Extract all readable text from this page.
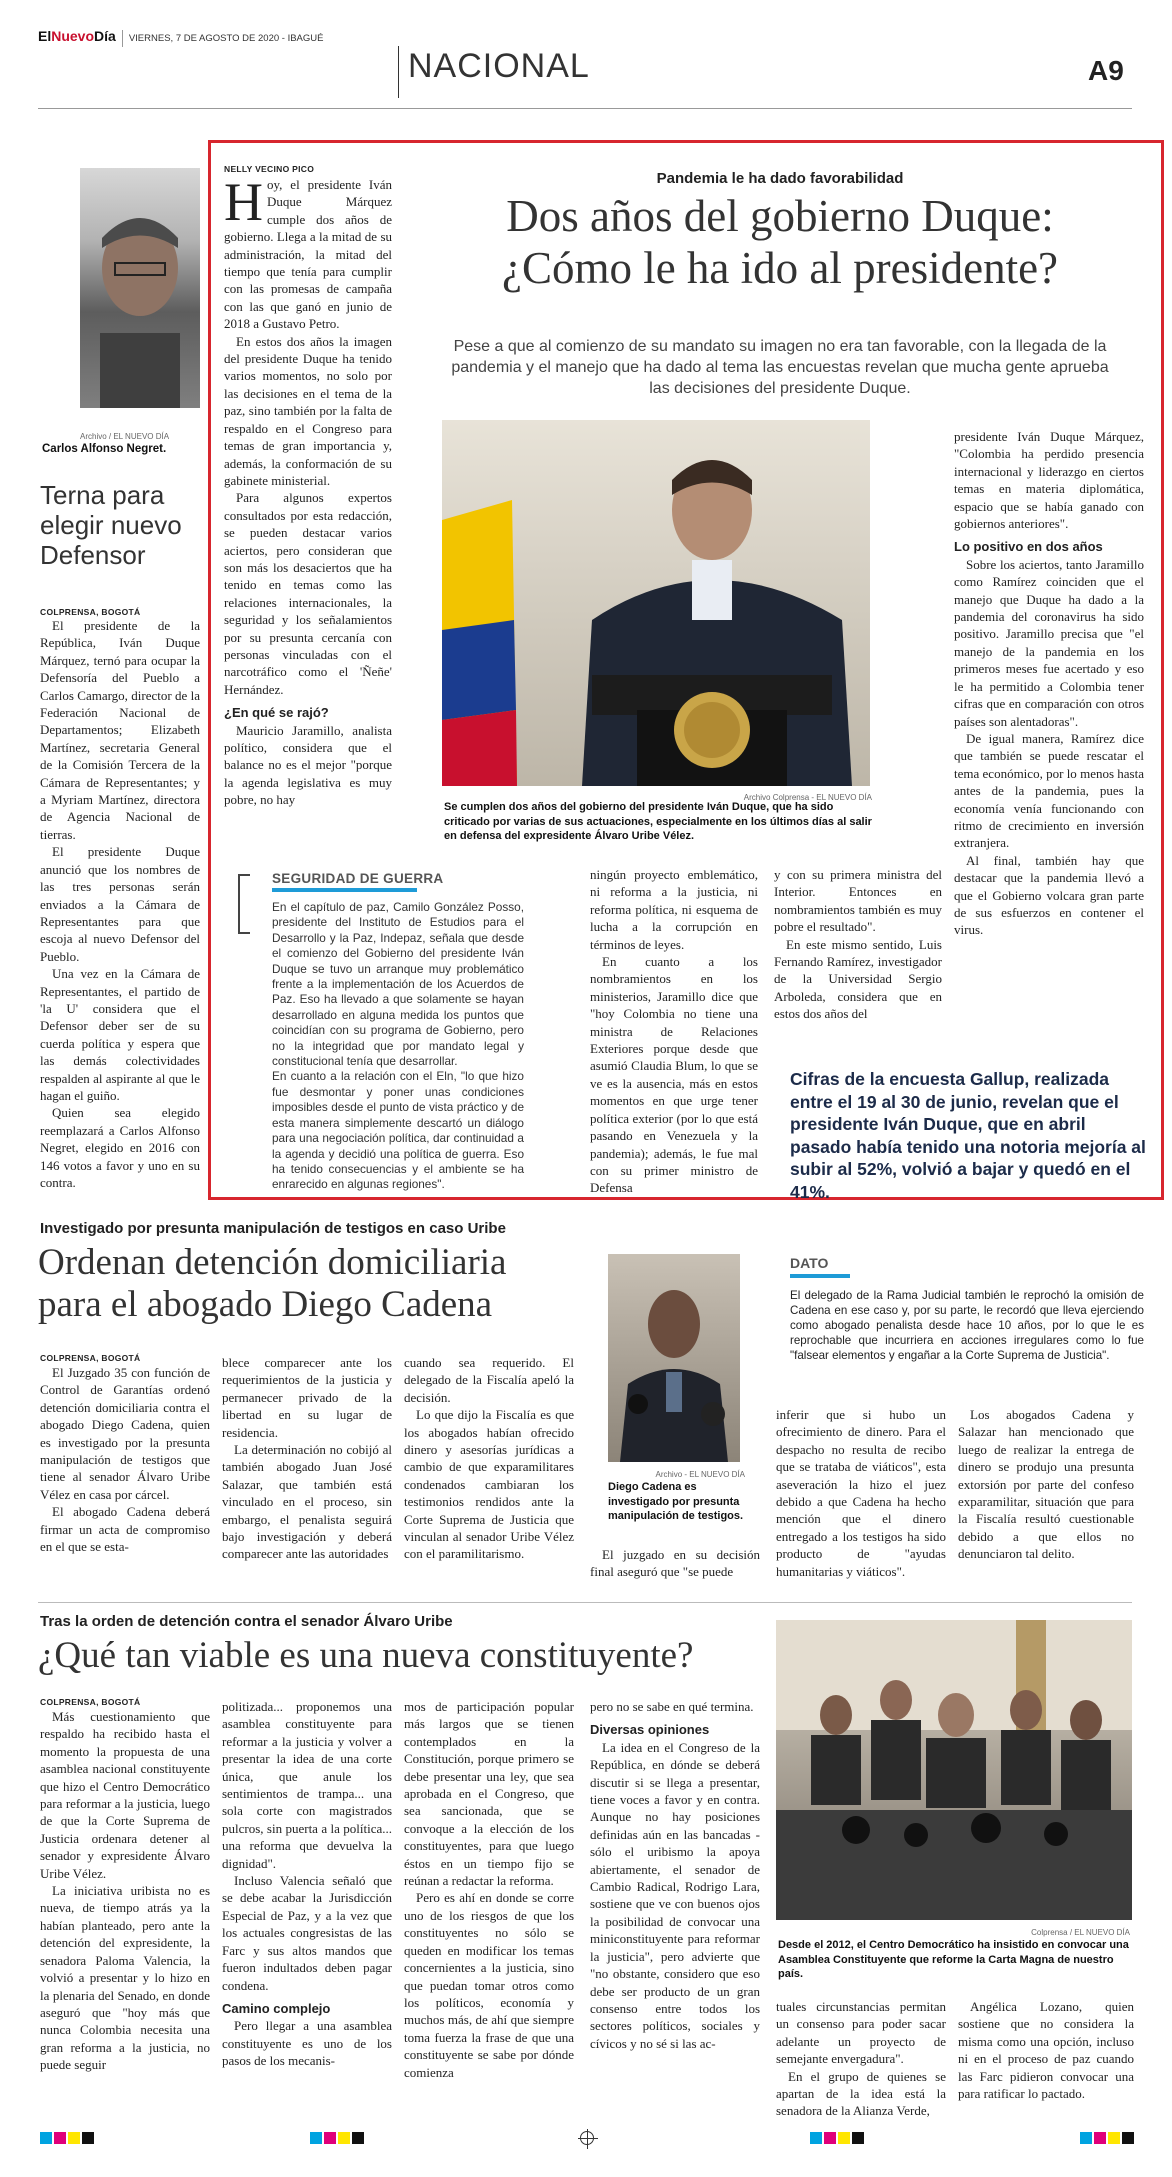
ElNuevoDía	VIERNES, 7 DE AGOSTO DE 2020 - IBAGUÉ
NACIONAL	A9
Archivo / EL NUEVO DÍA
Carlos Alfonso Negret.
Terna para elegir nuevo Defensor
COLPRENSA, BOGOTÁ

El presidente de la República, Iván Duque Márquez, ternó para ocupar la Defensoría del Pueblo a Carlos Camargo, director de la Federación Nacional de Departamentos; Elizabeth Martínez, secretaria General de la Comisión Tercera de la Cámara de Representantes; y a Myriam Martínez, directora de Agencia Nacional de tierras.

El presidente Duque anunció que los nombres de las tres personas serán enviados a la Cámara de Representantes para que escoja al nuevo Defensor del Pueblo.

Una vez en la Cámara de Representantes, el partido de 'la U' considera que el Defensor deber ser de su cuerda política y espera que las demás colectividades respalden al aspirante al que le hagan el guiño.

Quien sea elegido reemplazará a Carlos Alfonso Negret, elegido en 2016 con 146 votos a favor y uno en su contra.

NELLY VECINO PICO

Hoy, el presidente Iván Duque Márquez cumple dos años de gobierno. Llega a la mitad de su administración, la mitad del tiempo que tenía para cumplir con las promesas de campaña con las que ganó en junio de 2018 a Gustavo Petro.

En estos dos años la imagen del presidente Duque ha tenido varios momentos, no solo por las decisiones en el tema de la paz, sino también por la falta de respaldo en el Congreso para temas de gran importancia y, además, la conformación de su gabinete ministerial.

Para algunos expertos consultados por esta redacción, se pueden destacar varios aciertos, pero consideran que son más los desaciertos que ha tenido en temas como las relaciones internacionales, la seguridad y los señalamientos por su presunta cercanía con personas vinculadas con el narcotráfico como el 'Ñeñe' Hernández.

¿En qué se rajó?

Mauricio Jaramillo, analista político, considera que el balance no es el mejor "porque la agenda legislativa es muy pobre, no hay

Pandemia le ha dado favorabilidad
Dos años del gobierno Duque:
¿Cómo le ha ido al presidente?
Pese a que al comienzo de su mandato su imagen no era tan favorable, con la llegada de la pandemia y el manejo que ha dado al tema las encuestas revelan que mucha gente aprueba las decisiones del presidente Duque.
Archivo Colprensa - EL NUEVO DÍA
Se cumplen dos años del gobierno del presidente Iván Duque, que ha sido criticado por varias de sus actuaciones, especialmente en los últimos días al salir en defensa del expresidente Álvaro Uribe Vélez.
SEGURIDAD DE GUERRA

En el capítulo de paz, Camilo González Posso, presidente del Instituto de Estudios para el Desarrollo y la Paz, Indepaz, señala que desde el comienzo del Gobierno del presidente Iván Duque se tuvo un arranque muy problemático frente a la implementación de los Acuerdos de Paz. Eso ha llevado a que solamente se hayan desarrollado en alguna medida los puntos que coincidían con su programa de Gobierno, pero no la integridad que por mandato legal y constitucional tenía que desarrollar.

En cuanto a la relación con el Eln, "lo que hizo fue desmontar y poner unas condiciones imposibles desde el punto de vista práctico y de esta manera simplemente descartó un diálogo para una negociación política, dar continuidad a la agenda y decidió una política de guerra. Eso ha tenido consecuencias y el ambiente se ha enrarecido en algunas regiones".

ningún proyecto emblemático, ni reforma a la justicia, ni reforma política, ni esquema de lucha a la corrupción en términos de leyes.

En cuanto a los nombramientos en los ministerios, Jaramillo dice que "hoy Colombia no tiene una ministra de Relaciones Exteriores porque desde que asumió Claudia Blum, lo que se ve es la ausencia, más en estos momentos en que urge tener política exterior (por lo que está pasando en Venezuela y la pandemia); además, le fue mal con su primer ministro de Defensa

y con su primera ministra del Interior. Entonces en nombramientos también es muy pobre el resultado".

En este mismo sentido, Luis Fernando Ramírez, investigador de la Universidad Sergio Arboleda, considera que en estos dos años del

presidente Iván Duque Márquez, "Colombia ha perdido presencia internacional y liderazgo en ciertos temas en materia diplomática, espacio que se había ganado con gobiernos anteriores".

Lo positivo en dos años

Sobre los aciertos, tanto Jaramillo como Ramírez coinciden que el manejo que Duque ha dado a la pandemia del coronavirus ha sido positivo. Jaramillo precisa que "el manejo de la pandemia en los primeros meses fue acertado y eso le ha permitido a Colombia tener cifras que en comparación con otros países son alentadoras".

De igual manera, Ramírez dice que también se puede rescatar el tema económico, por lo menos hasta antes de la pandemia, pues la economía venía funcionando con ritmo de crecimiento en inversión extranjera.

Al final, también hay que destacar que la pandemia llevó a que el Gobierno volcara gran parte de sus esfuerzos en contener el virus.

Cifras de la encuesta Gallup, realizada entre el 19 al 30 de junio, revelan que el presidente Iván Duque, que en abril pasado había tenido una notoria mejoría al subir al 52%, volvió a bajar y quedó en el 41%.
Investigado por presunta manipulación de testigos en caso Uribe
Ordenan detención domiciliaria
para el abogado Diego Cadena
COLPRENSA, BOGOTÁ

El Juzgado 35 con función de Control de Garantías ordenó detención domiciliaria contra el abogado Diego Cadena, quien es investigado por la presunta manipulación de testigos que tiene al senador Álvaro Uribe Vélez en casa por cárcel.

El abogado Cadena deberá firmar un acta de compromiso en el que se esta-

blece comparecer ante los requerimientos de la justicia y permanecer privado de la libertad en su lugar de residencia.

La determinación no cobijó al también abogado Juan José Salazar, que también está vinculado en el proceso, sin embargo, el penalista seguirá bajo investigación y deberá comparecer ante las autoridades

cuando sea requerido. El delegado de la Fiscalía apeló la decisión.

Lo que dijo la Fiscalía es que los abogados habían ofrecido dinero y asesorías jurídicas a cambio de que exparamilitares condenados cambiaran los testimonios rendidos ante la Corte Suprema de Justicia que vinculan al senador Uribe Vélez con el paramilitarismo.

Archivo - EL NUEVO DÍA
Diego Cadena es investigado por presunta manipulación de testigos.

El juzgado en su decisión final aseguró que "se puede

DATO
El delegado de la Rama Judicial también le reprochó la omisión de Cadena en ese caso y, por su parte, le recordó que lleva ejerciendo como abogado penalista desde hace 10 años, por lo que le es reprochable que incurriera en acciones irregulares como lo fue "falsear elementos y engañar a la Corte Suprema de Justicia".

inferir que si hubo un ofrecimiento de dinero. Para el despacho no resulta de recibo que se trataba de viáticos", esta aseveración la hizo el juez debido a que Cadena ha hecho mención que el dinero entregado a los testigos ha sido producto de "ayudas humanitarias y viáticos".

Los abogados Cadena y Salazar han mencionado que luego de realizar la entrega de dinero se produjo una presunta extorsión por parte del confeso exparamilitar, situación que para la Fiscalía resultó cuestionable debido a que ellos no denunciaron tal delito.

Tras la orden de detención contra el senador Álvaro Uribe
¿Qué tan viable es una nueva constituyente?
COLPRENSA, BOGOTÁ

Más cuestionamiento que respaldo ha recibido hasta el momento la propuesta de una asamblea nacional constituyente que hizo el Centro Democrático para reformar a la justicia, luego de que la Corte Suprema de Justicia ordenara detener al senador y expresidente Álvaro Uribe Vélez.

La iniciativa uribista no es nueva, de tiempo atrás ya la habían planteado, pero ante la detención del expresidente, la senadora Paloma Valencia, la volvió a presentar y lo hizo en la plenaria del Senado, en donde aseguró que "hoy más que nunca Colombia necesita una gran reforma a la justicia, no puede seguir

politizada... proponemos una asamblea constituyente para reformar a la justicia y volver a presentar la idea de una corte única, que anule los sentimientos de trampa... una sola corte con magistrados pulcros, sin puerta a la política... una reforma que devuelva la dignidad".

Incluso Valencia señaló que se debe acabar la Jurisdicción Especial de Paz, y a la vez que los actuales congresistas de las Farc y sus altos mandos que fueron indultados deben pagar condena.

Camino complejo

Pero llegar a una asamblea constituyente es uno de los pasos de los mecanis-

mos de participación popular más largos que se tienen contemplados en la Constitución, porque primero se debe presentar una ley, que sea aprobada en el Congreso, que sea sancionada, que se convoque a la elección de los constituyentes, para que luego éstos en un tiempo fijo se reúnan a redactar la reforma.

Pero es ahí en donde se corre uno de los riesgos de que los constituyentes no sólo se queden en modificar los temas concernientes a la justicia, sino que puedan tomar otros como los políticos, economía y muchos más, de ahí que siempre toma fuerza la frase de que una constituyente se sabe por dónde comienza

pero no se sabe en qué termina.

Diversas opiniones

La idea en el Congreso de la República, en dónde se deberá discutir si se llega a presentar, tiene voces a favor y en contra. Aunque no hay posiciones definidas aún en las bancadas -sólo el uribismo la apoya abiertamente, el senador de Cambio Radical, Rodrigo Lara, sostiene que ve con buenos ojos la posibilidad de convocar una miniconstituyente para reformar la justicia", pero advierte que "no obstante, considero que eso debe ser producto de un gran consenso entre todos los sectores políticos, sociales y cívicos y no sé si las ac-

Colprensa / EL NUEVO DÍA
Desde el 2012, el Centro Democrático ha insistido en convocar una Asamblea Constituyente que reforme la Carta Magna de nuestro país.

tuales circunstancias permitan un consenso para poder sacar adelante un proyecto de semejante envergadura".

En el grupo de quienes se apartan de la idea está la senadora de la Alianza Verde,

Angélica Lozano, quien sostiene que no considera la misma como una opción, incluso ni en el proceso de paz cuando las Farc pidieron convocar una para ratificar lo pactado.
